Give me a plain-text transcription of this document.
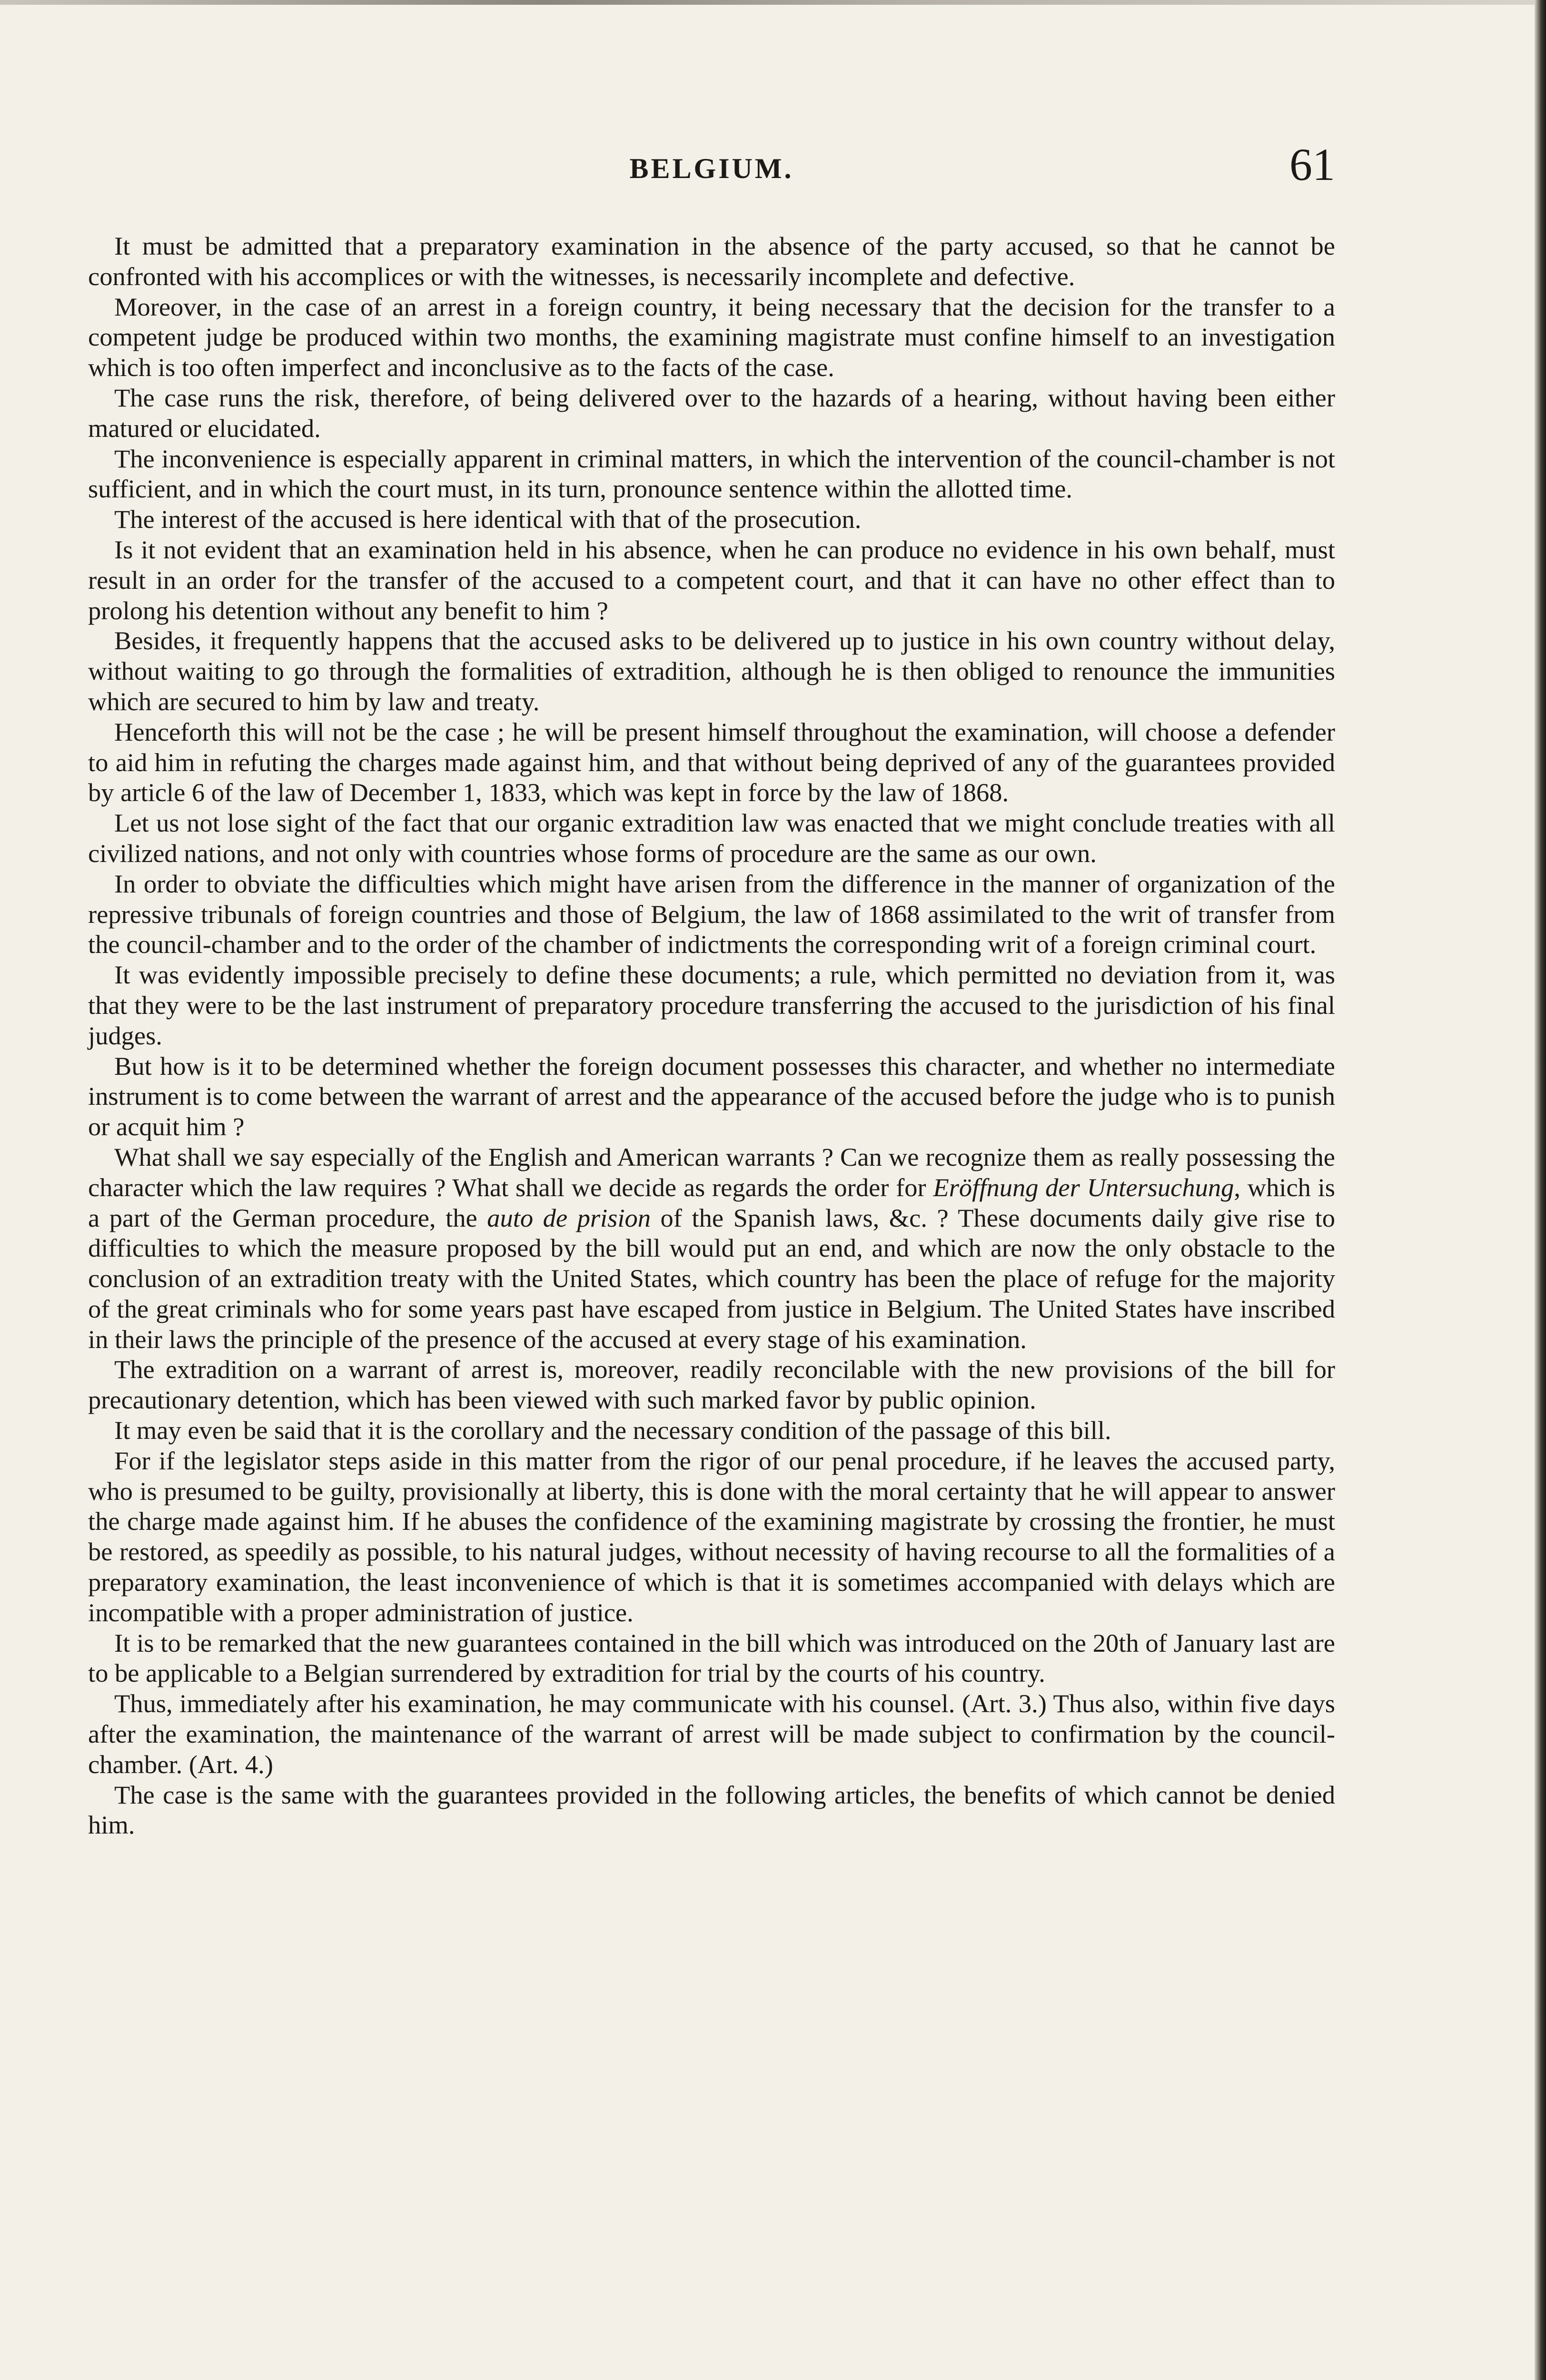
BELGIUM.	61

It must be admitted that a preparatory examination in the absence of the party accused, so that he cannot be confronted with his accomplices or with the witnesses, is necessarily incomplete and defective.

Moreover, in the case of an arrest in a foreign country, it being necessary that the decision for the transfer to a competent judge be produced within two months, the examining magistrate must confine himself to an investigation which is too often imperfect and inconclusive as to the facts of the case.

The case runs the risk, therefore, of being delivered over to the hazards of a hearing, without having been either matured or elucidated.

The inconvenience is especially apparent in criminal matters, in which the intervention of the council-chamber is not sufficient, and in which the court must, in its turn, pronounce sentence within the allotted time.

The interest of the accused is here identical with that of the prosecution.

Is it not evident that an examination held in his absence, when he can produce no evidence in his own behalf, must result in an order for the transfer of the accused to a competent court, and that it can have no other effect than to prolong his detention without any benefit to him ?

Besides, it frequently happens that the accused asks to be delivered up to justice in his own country without delay, without waiting to go through the formalities of extradition, although he is then obliged to renounce the immunities which are secured to him by law and treaty.

Henceforth this will not be the case ; he will be present himself throughout the examination, will choose a defender to aid him in refuting the charges made against him, and that without being deprived of any of the guarantees provided by article 6 of the law of December 1, 1833, which was kept in force by the law of 1868.

Let us not lose sight of the fact that our organic extradition law was enacted that we might conclude treaties with all civilized nations, and not only with countries whose forms of procedure are the same as our own.

In order to obviate the difficulties which might have arisen from the difference in the manner of organization of the repressive tribunals of foreign countries and those of Belgium, the law of 1868 assimilated to the writ of transfer from the council-chamber and to the order of the chamber of indictments the corresponding writ of a foreign criminal court.

It was evidently impossible precisely to define these documents; a rule, which permitted no deviation from it, was that they were to be the last instrument of preparatory procedure transferring the accused to the jurisdiction of his final judges.

But how is it to be determined whether the foreign document possesses this character, and whether no intermediate instrument is to come between the warrant of arrest and the appearance of the accused before the judge who is to punish or acquit him ?

What shall we say especially of the English and American warrants ? Can we recognize them as really possessing the character which the law requires ? What shall we decide as regards the order for Eröffnung der Untersuchung, which is a part of the German procedure, the auto de prision of the Spanish laws, &c. ? These documents daily give rise to difficulties to which the measure proposed by the bill would put an end, and which are now the only obstacle to the conclusion of an extradition treaty with the United States, which country has been the place of refuge for the majority of the great criminals who for some years past have escaped from justice in Belgium. The United States have inscribed in their laws the principle of the presence of the accused at every stage of his examination.

The extradition on a warrant of arrest is, moreover, readily reconcilable with the new provisions of the bill for precautionary detention, which has been viewed with such marked favor by public opinion.

It may even be said that it is the corollary and the necessary condition of the passage of this bill.

For if the legislator steps aside in this matter from the rigor of our penal procedure, if he leaves the accused party, who is presumed to be guilty, provisionally at liberty, this is done with the moral certainty that he will appear to answer the charge made against him. If he abuses the confidence of the examining magistrate by crossing the frontier, he must be restored, as speedily as possible, to his natural judges, without necessity of having recourse to all the formalities of a preparatory examination, the least inconvenience of which is that it is sometimes accompanied with delays which are incompatible with a proper administration of justice.

It is to be remarked that the new guarantees contained in the bill which was introduced on the 20th of January last are to be applicable to a Belgian surrendered by extradition for trial by the courts of his country.

Thus, immediately after his examination, he may communicate with his counsel. (Art. 3.) Thus also, within five days after the examination, the maintenance of the warrant of arrest will be made subject to confirmation by the council-chamber. (Art. 4.)

The case is the same with the guarantees provided in the following articles, the benefits of which cannot be denied him.
